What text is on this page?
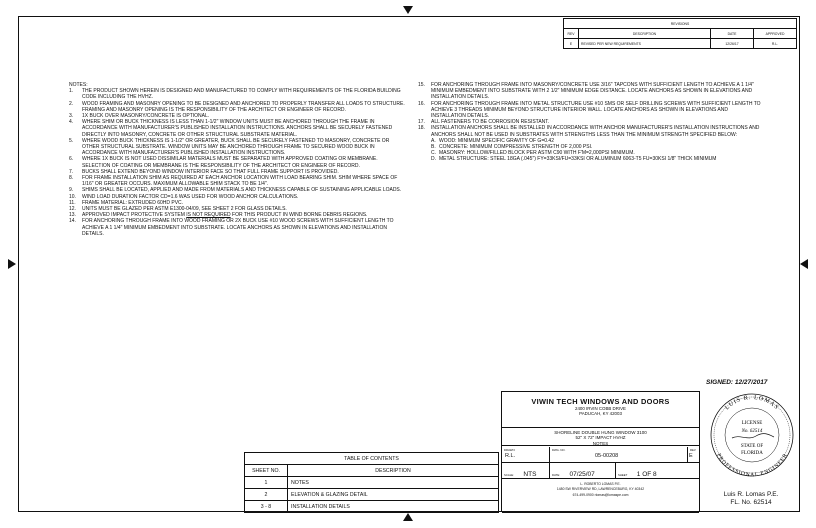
REVISIONS			
REV	DESCRIPTION	DATE	APPROVED
E	REVISED PER NEW REQUIREMENTS	12/26/17	R.L.
NOTES:
1.	THE PRODUCT SHOWN HEREIN IS DESIGNED AND MANUFACTURED TO COMPLY WITH REQUIREMENTS OF THE FLORIDA BUILDING CODE INCLUDING THE HVHZ.
2.	WOOD FRAMING AND MASONRY OPENING TO BE DESIGNED AND ANCHORED TO PROPERLY TRANSFER ALL LOADS TO STRUCTURE. FRAMING AND MASONRY OPENING IS THE RESPONSIBILITY OF THE ARCHITECT OR ENGINEER OF RECORD.
3.	1X BUCK OVER MASONRY/CONCRETE IS OPTIONAL.
4.	WHERE SHIM OR BUCK THICKNESS IS LESS THAN 1-1/2" WINDOW UNITS MUST BE ANCHORED THROUGH THE FRAME IN ACCORDANCE WITH MANUFACTURER'S PUBLISHED INSTALLATION INSTRUCTIONS. ANCHORS SHALL BE SECURELY FASTENED DIRECTLY INTO MASONRY, CONCRETE OR OTHER STRUCTURAL SUBSTRATE MATERIAL.
5.	WHERE WOOD BUCK THICKNESS IS 1-1/2" OR GREATER, BUCK SHALL BE SECURELY FASTENED TO MASONRY, CONCRETE OR OTHER STRUCTURAL SUBSTRATE. WINDOW UNITS MAY BE ANCHORED THROUGH FRAME TO SECURED WOOD BUCK IN ACCORDANCE WITH MANUFACTURER'S PUBLISHED INSTALLATION INSTRUCTIONS.
6.	WHERE 1X BUCK IS NOT USED DISSIMILAR MATERIALS MUST BE SEPARATED WITH APPROVED COATING OR MEMBRANE. SELECTION OF COATING OR MEMBRANE IS THE RESPONSIBILITY OF THE ARCHITECT OR ENGINEER OF RECORD.
7.	BUCKS SHALL EXTEND BEYOND WINDOW INTERIOR FACE SO THAT FULL FRAME SUPPORT IS PROVIDED.
8.	FOR FRAME INSTALLATION SHIM AS REQUIRED AT EACH ANCHOR LOCATION WITH LOAD BEARING SHIM. SHIM WHERE SPACE OF 1/16" OR GREATER OCCURS. MAXIMUM ALLOWABLE SHIM STACK TO BE 1/4".
9.	SHIMS SHALL BE LOCATED, APPLIED AND MADE FROM MATERIALS AND THICKNESS CAPABLE OF SUSTAINING APPLICABLE LOADS.
10.	WIND LOAD DURATION FACTOR CD=1.6 WAS USED FOR WOOD ANCHOR CALCULATIONS.
11.	FRAME MATERIAL: EXTRUDED 60HD PVC.
12.	UNITS MUST BE GLAZED PER ASTM E1300-04/09, SEE SHEET 2 FOR GLASS DETAILS.
13.	APPROVED IMPACT PROTECTIVE SYSTEM IS NOT REQUIRED FOR THIS PRODUCT IN WIND BORNE DEBRIS REGIONS.
14.	FOR ANCHORING THROUGH FRAME INTO WOOD FRAMING OR 2X BUCK USE #10 WOOD SCREWS WITH SUFFICIENT LENGTH TO ACHIEVE A 1 1/4" MINIMUM EMBEDMENT INTO SUBSTRATE. LOCATE ANCHORS AS SHOWN IN ELEVATIONS AND INSTALLATION DETAILS.
15.	FOR ANCHORING THROUGH FRAME INTO MASONRY/CONCRETE USE 3/16" TAPCONS WITH SUFFICIENT LENGTH TO ACHIEVE A 1 1/4" MINIMUM EMBEDMENT INTO SUBSTRATE WITH 2 1/2" MINIMUM EDGE DISTANCE. LOCATE ANCHORS AS SHOWN IN ELEVATIONS AND INSTALLATION DETAILS.
16.	FOR ANCHORING THROUGH FRAME INTO METAL STRUCTURE USE #10 SMS OR SELF DRILLING SCREWS WITH SUFFICIENT LENGTH TO ACHIEVE 3 THREADS MINIMUM BEYOND STRUCTURE INTERIOR WALL. LOCATE ANCHORS AS SHOWN IN ELEVATIONS AND INSTALLATION DETAILS.
17.	ALL FASTENERS TO BE CORROSION RESISTANT.
18.	INSTALLATION ANCHORS SHALL BE INSTALLED IN ACCORDANCE WITH ANCHOR MANUFACTURER'S INSTALLATION INSTRUCTIONS AND ANCHORS SHALL NOT BE USED IN SUBSTRATES WITH STRENGTHS LESS THAN THE MINIMUM STRENGTH SPECIFIED BELOW:
A. WOOD: MINIMUM SPECIFIC GRAVITY OF G=0.42
B. CONCRETE: MINIMUM COMPRESSIVE STRENGTH OF 2,000 PSI.
C. MASONRY: HOLLOW/FILLED BLOCK PER ASTM C90 WITH F'M=2,000PSI MINIMUM.
D. METAL STRUCTURE: STEEL 18GA (.045") FY=33KSI/FU=33KSI OR ALUMINUM 6063-T5 FU=30KSI 1/8" THICK MINIMUM
SIGNED: 12/27/2017
VIWIN TECH WINDOWS AND DOORS
2400 IRVIN COBB DRIVE
PADUCAH, KY 42003
SHORELINE DOUBLE HUNG WINDOW 3100
52" X 72" IMPACT HVHZ
NOTES
DRAWN:
R.L.
DWG. NO.
05-00208
REV
E
SCALE: NTS	DATE: 07/25/07	SHEET 1 OF 8
L. ROBERTO LOMAS P.E.
1480 SW RIVERVIEW RD, LAWRENCEBURG, KY 40342
674-499-0900 rlomas@lomaspe.com
LUIS R. LOMAS
PROFESSIONAL ENGINEER
LICENSE
No. 62514
STATE OF
FLORIDA
Luis R. Lomas P.E.
FL. No. 62514
TABLE OF CONTENTS	
SHEET NO.	DESCRIPTION
1	NOTES
2	ELEVATION & GLAZING DETAIL
3 - 8	INSTALLATION DETAILS
